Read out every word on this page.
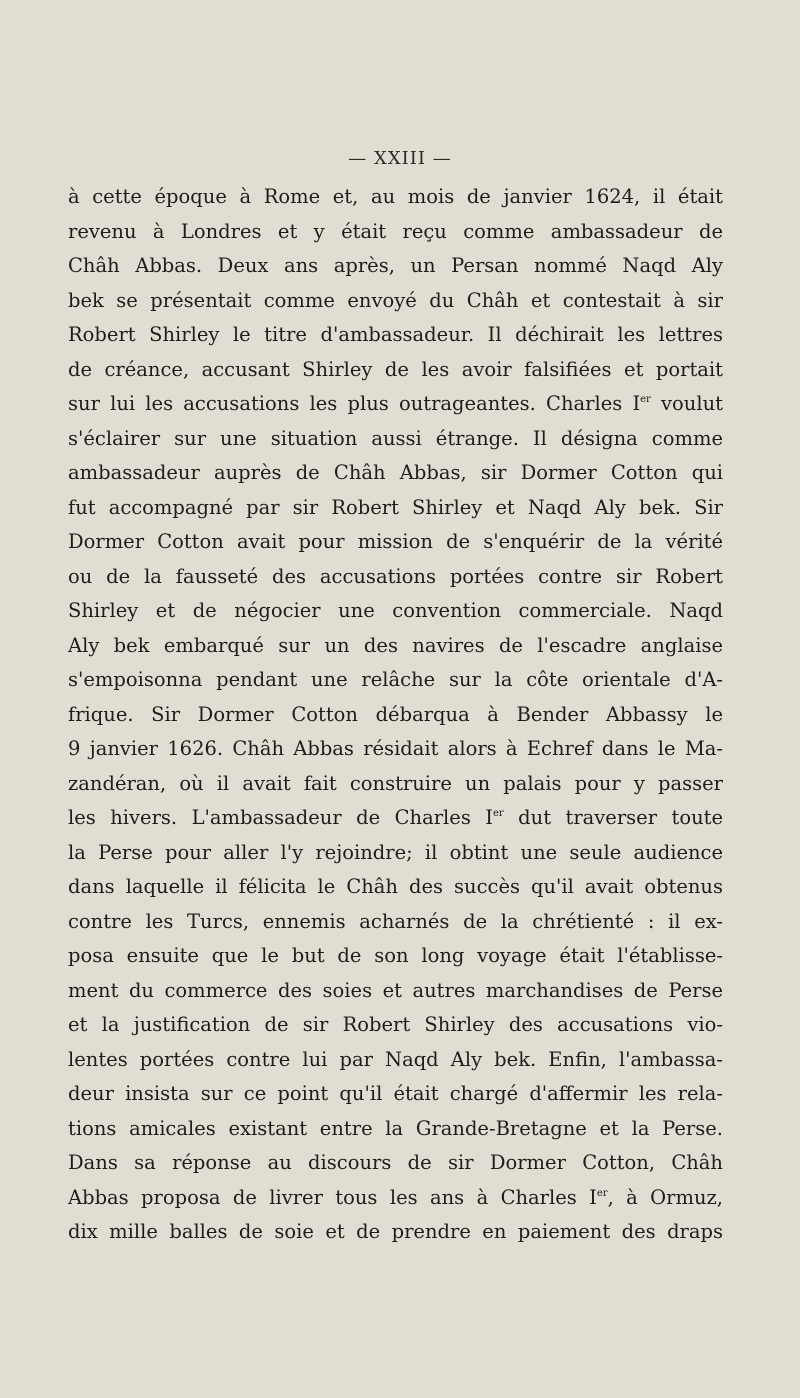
— XXIII —
à cette époque à Rome et, au mois de janvier 1624, il était
revenu à Londres et y était reçu comme ambassadeur de
Châh Abbas. Deux ans après, un Persan nommé Naqd Aly
bek se présentait comme envoyé du Châh et contestait à sir
Robert Shirley le titre d'ambassadeur. Il déchirait les lettres
de créance, accusant Shirley de les avoir falsifiées et portait
sur lui les accusations les plus outrageantes. Charles Ier voulut
s'éclairer sur une situation aussi étrange. Il désigna comme
ambassadeur auprès de Châh Abbas, sir Dormer Cotton qui
fut accompagné par sir Robert Shirley et Naqd Aly bek. Sir
Dormer Cotton avait pour mission de s'enquérir de la vérité
ou de la fausseté des accusations portées contre sir Robert
Shirley et de négocier une convention commerciale. Naqd
Aly bek embarqué sur un des navires de l'escadre anglaise
s'empoisonna pendant une relâche sur la côte orientale d'A-
frique. Sir Dormer Cotton débarqua à Bender Abbassy le
9 janvier 1626. Châh Abbas résidait alors à Echref dans le Ma-
zandéran, où il avait fait construire un palais pour y passer
les hivers. L'ambassadeur de Charles Ier dut traverser toute
la Perse pour aller l'y rejoindre; il obtint une seule audience
dans laquelle il félicita le Châh des succès qu'il avait obtenus
contre les Turcs, ennemis acharnés de la chrétienté : il ex-
posa ensuite que le but de son long voyage était l'établisse-
ment du commerce des soies et autres marchandises de Perse
et la justification de sir Robert Shirley des accusations vio-
lentes portées contre lui par Naqd Aly bek. Enfin, l'ambassa-
deur insista sur ce point qu'il était chargé d'affermir les rela-
tions amicales existant entre la Grande-Bretagne et la Perse.
Dans sa réponse au discours de sir Dormer Cotton, Châh
Abbas proposa de livrer tous les ans à Charles Ier, à Ormuz,
dix mille balles de soie et de prendre en paiement des draps
